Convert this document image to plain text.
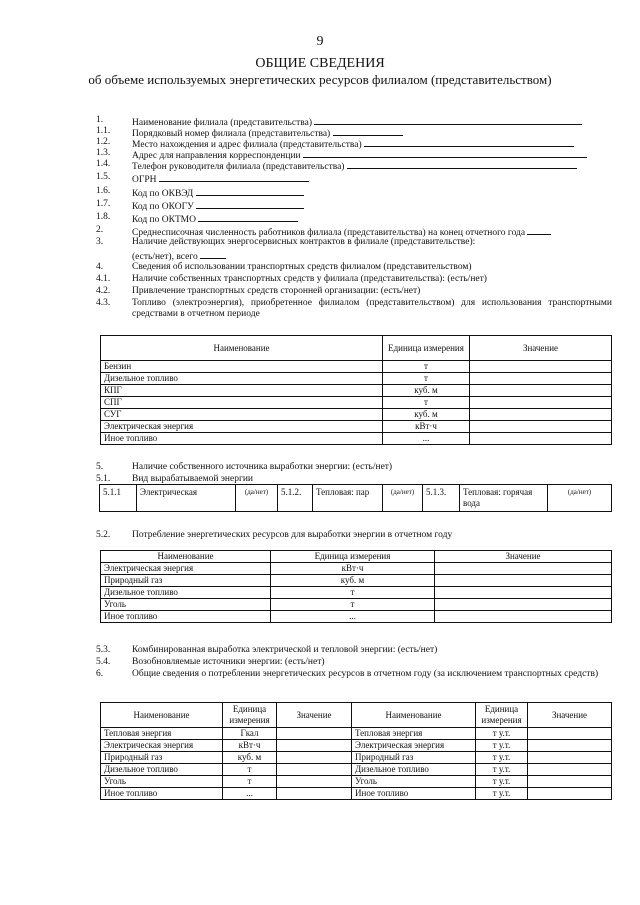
9
ОБЩИЕ СВЕДЕНИЯ
об объеме используемых энергетических ресурсов филиалом (представительством)
1.	Наименование филиала (представительства)
1.1. Порядковый номер филиала (представительства)
1.2. Место нахождения и адрес филиала (представительства)
1.3. Адрес для направления корреспонденции
1.4. Телефон руководителя филиала (представительства)
1.5. ОГРН
1.6. Код по ОКВЭД
1.7. Код по ОКОГУ
1.8. Код по ОКТМО
2.	Среднесписочная численность работников филиала (представительства) на конец отчетного года
3.	Наличие действующих энергосервисных контрактов в филиале (представительстве):
(есть/нет), всего
4.	Сведения об использовании транспортных средств филиалом (представительством)
4.1. Наличие собственных транспортных средств у филиала (представительства): (есть/нет)
4.2. Привлечение транспортных средств сторонней организации: (есть/нет)
4.3. Топливо (электроэнергия), приобретенное филиалом (представительством) для использования транспортными средствами в отчетном периоде
Наименование	Единица измерения	Значение
Бензин	т	
Дизельное топливо	т	
КПГ	куб. м	
СПГ	т	
СУГ	куб. м	
Электрическая энергия	кВт·ч	
Иное топливо	...	
5.	Наличие собственного источника выработки энергии: (есть/нет)
5.1. Вид вырабатываемой энергии
5.1.1	Электрическая	(да/нет)	5.1.2.	Тепловая: пар	(да/нет)	5.1.3.	Тепловая: горячая вода	(да/нет)
5.2. Потребление энергетических ресурсов для выработки энергии в отчетном году
Наименование	Единица измерения	Значение
Электрическая энергия	кВт·ч	
Природный газ	куб. м	
Дизельное топливо	т	
Уголь	т	
Иное топливо	...	
5.3. Комбинированная выработка электрической и тепловой энергии: (есть/нет)
5.4. Возобновляемые источники энергии: (есть/нет)
6.	Общие сведения о потреблении энергетических ресурсов в отчетном году (за исключением транспортных средств)
Наименование	Единица измерения	Значение	Наименование	Единица измерения	Значение
Тепловая энергия	Гкал		Тепловая энергия	т у.т.	
Электрическая энергия	кВт·ч		Электрическая энергия	т у.т.	
Природный газ	куб. м		Природный газ	т у.т.	
Дизельное топливо	т		Дизельное топливо	т у.т.	
Уголь	т		Уголь	т у.т.	
Иное топливо	...		Иное топливо	т у.т.	
